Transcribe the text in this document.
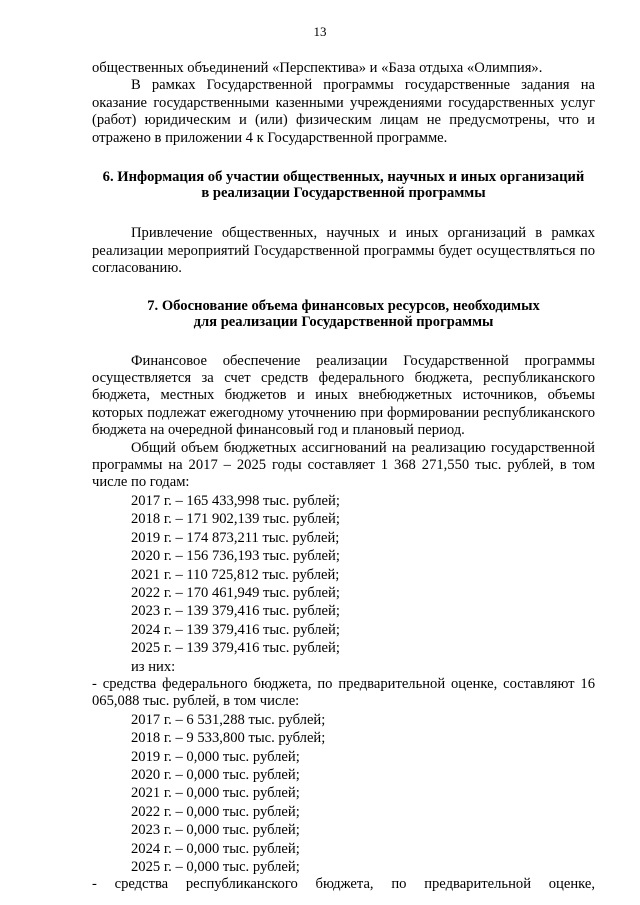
13

общественных объединений «Перспектива» и «База отдыха «Олимпия».

В рамках Государственной программы государственные задания на оказание государственными казенными учреждениями государственных услуг (работ) юридическим и (или) физическим лицам не предусмотрены, что и отражено в приложении 4 к Государственной программе.

6. Информация об участии общественных, научных и иных организаций
в реализации Государственной программы

Привлечение общественных, научных и иных организаций в рамках реализации мероприятий Государственной программы будет осуществляться по согласованию.

7. Обоснование объема финансовых ресурсов, необходимых
для реализации Государственной программы

Финансовое обеспечение реализации Государственной программы осуществляется за счет средств федерального бюджета, республиканского бюджета, местных бюджетов и иных внебюджетных источников, объемы которых подлежат ежегодному уточнению при формировании республиканского бюджета на очередной финансовый год и плановый период.

Общий объем бюджетных ассигнований на реализацию государственной программы на 2017 – 2025 годы составляет 1 368 271,550 тыс. рублей, в том числе по годам:

2017 г. – 165 433,998 тыс. рублей;
2018 г. – 171 902,139 тыс. рублей;
2019 г. – 174 873,211 тыс. рублей;
2020 г. – 156 736,193 тыс. рублей;
2021 г. – 110 725,812 тыс. рублей;
2022 г. – 170 461,949 тыс. рублей;
2023 г. – 139 379,416 тыс. рублей;
2024 г. – 139 379,416 тыс. рублей;
2025 г. – 139 379,416 тыс. рублей;
из них:

- средства федерального бюджета, по предварительной оценке, составляют 16 065,088 тыс. рублей, в том числе:

2017 г. – 6 531,288 тыс. рублей;
2018 г. – 9 533,800 тыс. рублей;
2019 г. – 0,000 тыс. рублей;
2020 г. – 0,000 тыс. рублей;
2021 г. – 0,000 тыс. рублей;
2022 г. – 0,000 тыс. рублей;
2023 г. – 0,000 тыс. рублей;
2024 г. – 0,000 тыс. рублей;
2025 г. – 0,000 тыс. рублей;

- средства республиканского бюджета, по предварительной оценке,
